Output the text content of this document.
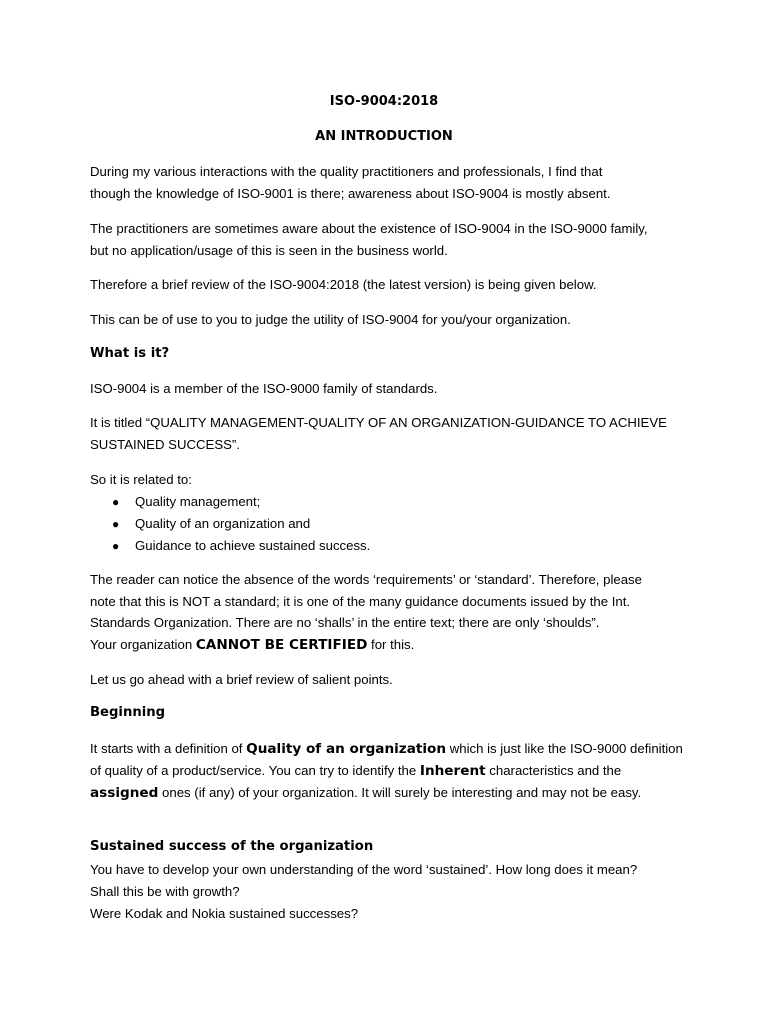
ISO-9004:2018
AN INTRODUCTION
During my various interactions with the quality practitioners and professionals, I find that
though the knowledge of ISO-9001 is there; awareness about ISO-9004 is mostly absent.
The practitioners are sometimes aware about the existence of ISO-9004 in the ISO-9000 family,
but no application/usage of this is seen in the business world.
Therefore a brief review of the ISO-9004:2018 (the latest version) is being given below.
This can be of use to you to judge the utility of ISO-9004 for you/your organization.
What is it?
ISO-9004 is a member of the ISO-9000 family of standards.
It is titled “QUALITY MANAGEMENT-QUALITY OF AN ORGANIZATION-GUIDANCE TO ACHIEVE
SUSTAINED SUCCESS”.
So it is related to:
● Quality management;
● Quality of an organization and
● Guidance to achieve sustained success.
The reader can notice the absence of the words ‘requirements’ or ‘standard’. Therefore, please
note that this is NOT a standard; it is one of the many guidance documents issued by the Int.
Standards Organization. There are no ‘shalls’ in the entire text; there are only ‘shoulds”.
Your organization CANNOT BE CERTIFIED for this.
Let us go ahead with a brief review of salient points.
Beginning
It starts with a definition of Quality of an organization which is just like the ISO-9000 definition
of quality of a product/service. You can try to identify the Inherent characteristics and the
assigned ones (if any) of your organization. It will surely be interesting and may not be easy.
Sustained success of the organization
You have to develop your own understanding of the word ‘sustained’. How long does it mean?
Shall this be with growth?
Were Kodak and Nokia sustained successes?
